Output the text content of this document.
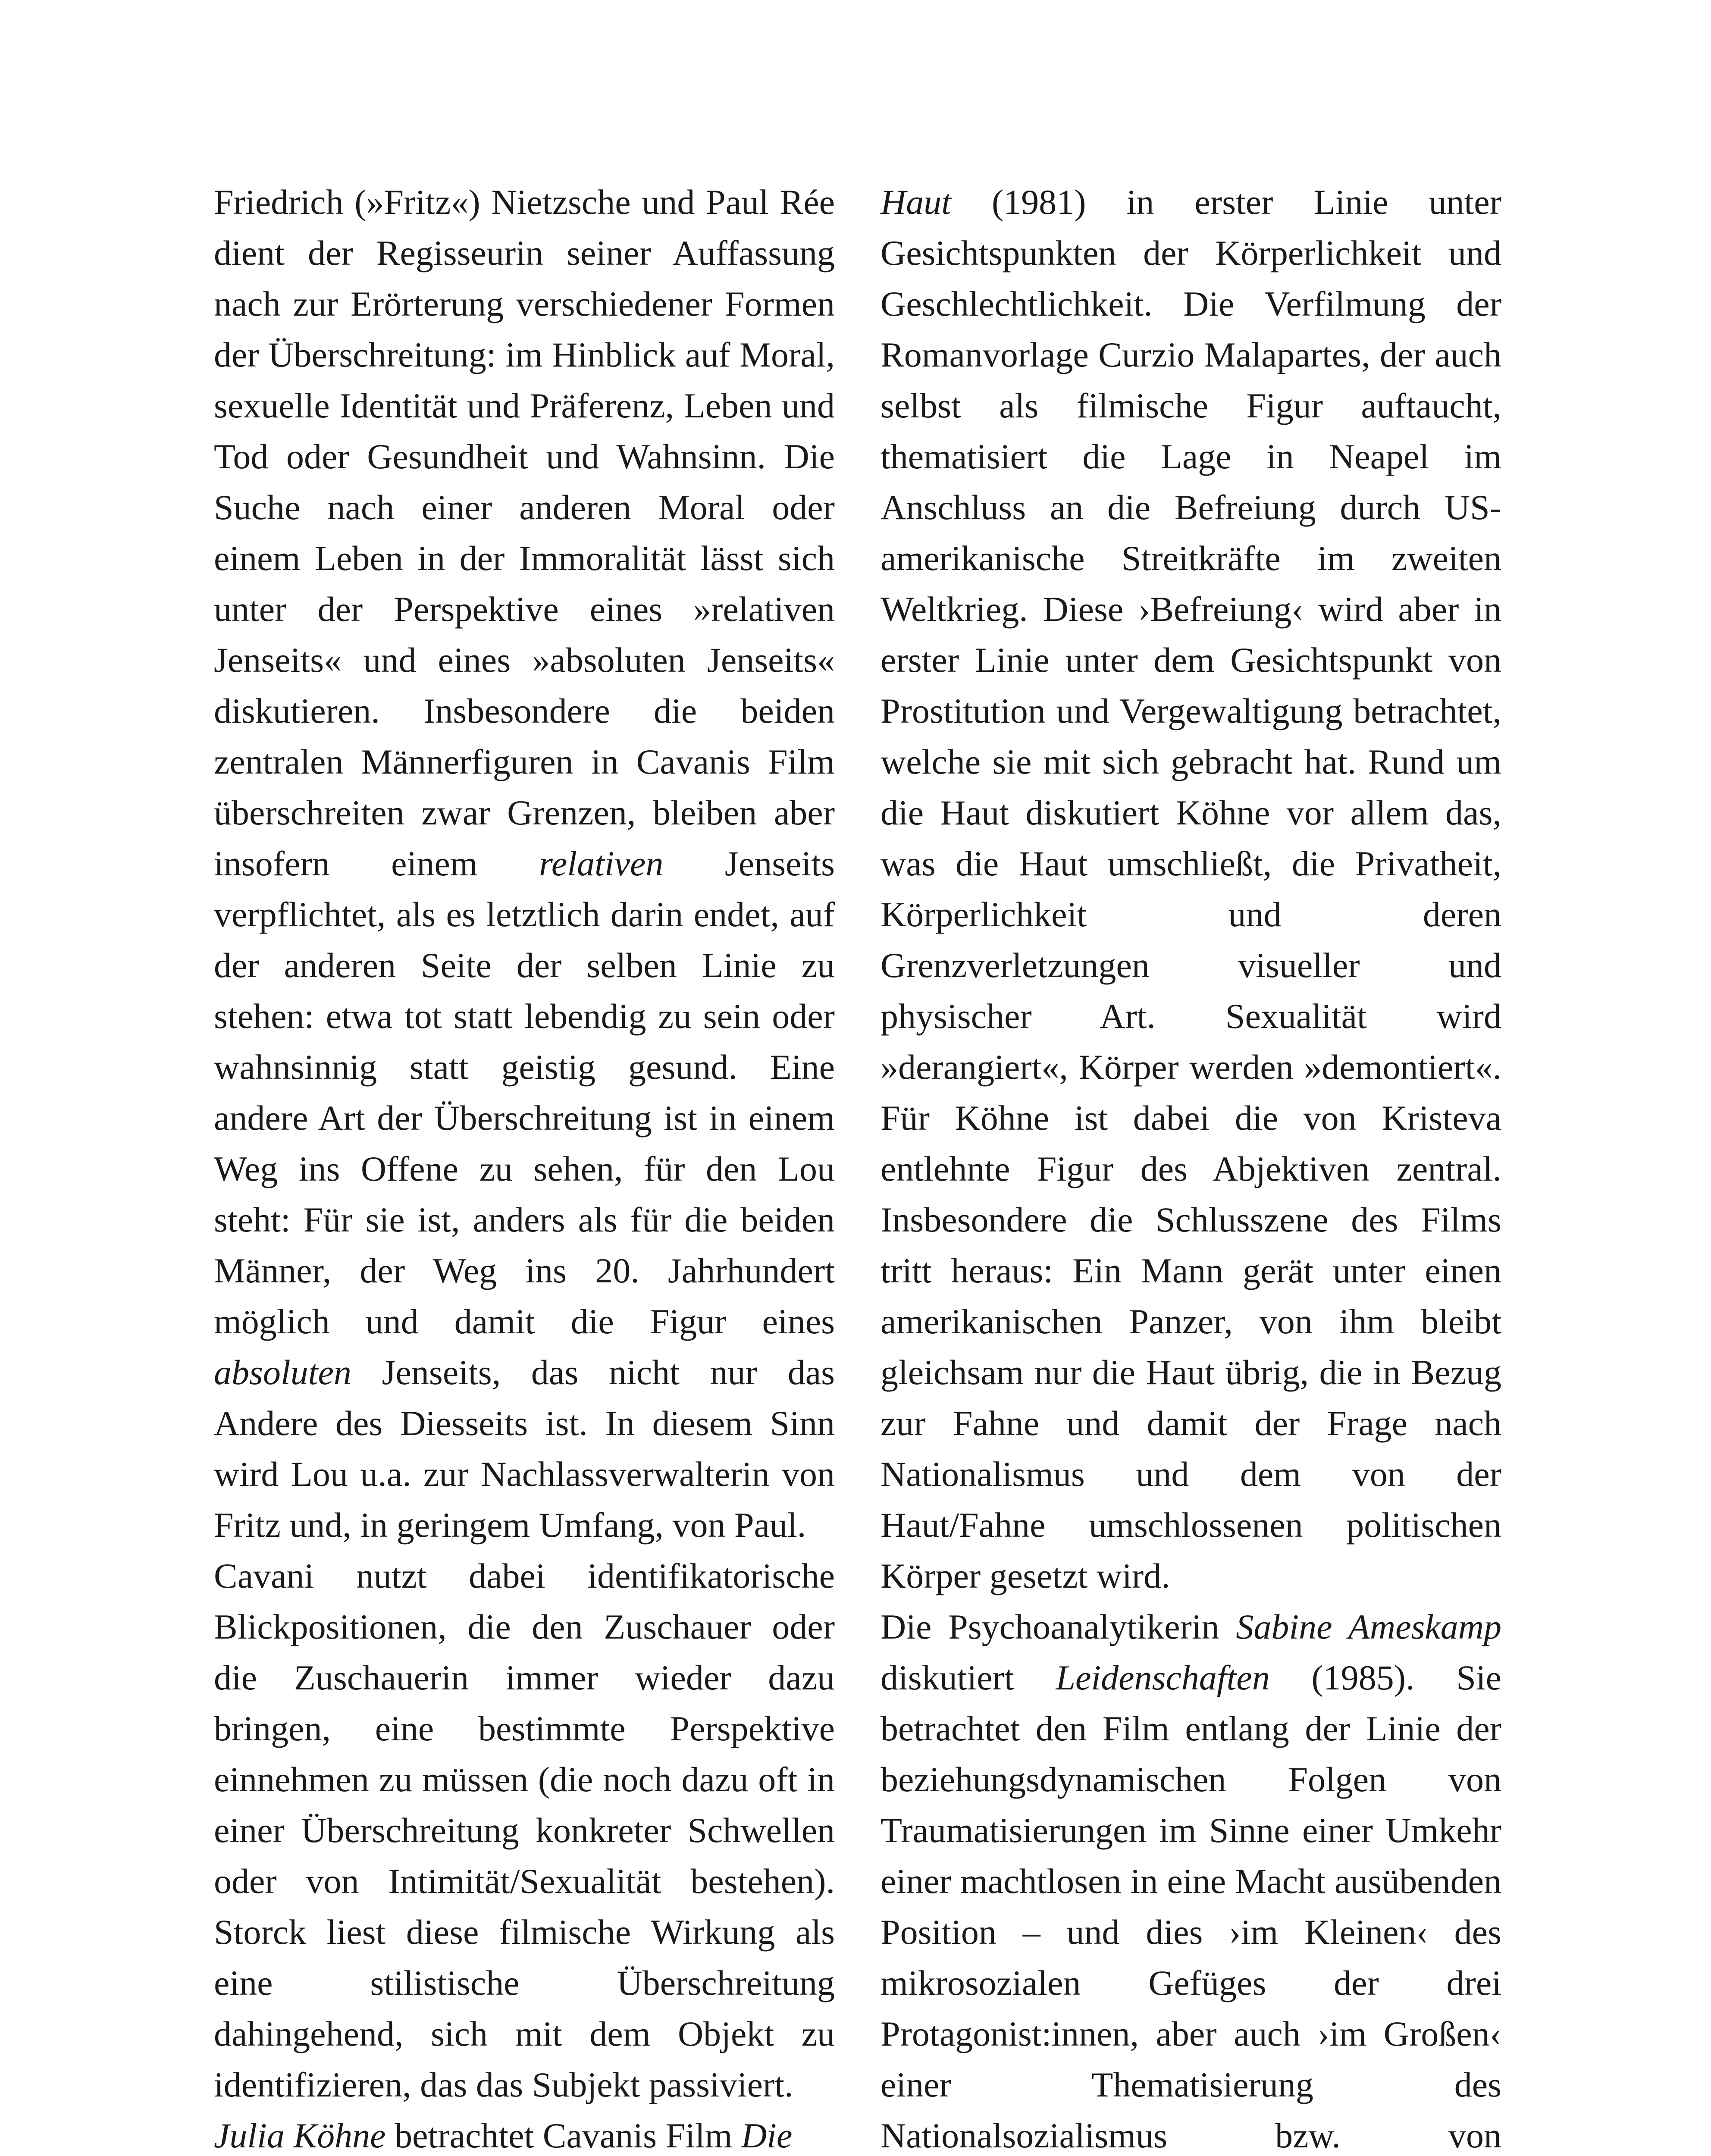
Friedrich (»Fritz«) Nietzsche und Paul Rée dient der Regisseurin seiner Auffassung nach zur Erörterung verschiedener Formen der Überschreitung: im Hinblick auf Moral, sexuelle Identität und Präferenz, Leben und Tod oder Gesundheit und Wahnsinn. Die Suche nach einer anderen Moral oder einem Leben in der Immoralität lässt sich unter der Perspektive eines »relativen Jenseits« und eines »absoluten Jenseits« diskutieren. Insbesondere die beiden zentralen Männerfiguren in Cavanis Film überschreiten zwar Grenzen, bleiben aber insofern einem relativen Jenseits verpflichtet, als es letztlich darin endet, auf der anderen Seite der selben Linie zu stehen: etwa tot statt lebendig zu sein oder wahnsinnig statt geistig gesund. Eine andere Art der Überschreitung ist in einem Weg ins Offene zu sehen, für den Lou steht: Für sie ist, anders als für die beiden Männer, der Weg ins 20. Jahrhundert möglich und damit die Figur eines absoluten Jenseits, das nicht nur das Andere des Diesseits ist. In diesem Sinn wird Lou u.a. zur Nachlassverwalterin von Fritz und, in geringem Umfang, von Paul.

Cavani nutzt dabei identifikatorische Blickpositionen, die den Zuschauer oder die Zuschauerin immer wieder dazu bringen, eine bestimmte Perspektive einnehmen zu müssen (die noch dazu oft in einer Überschreitung konkreter Schwellen oder von Intimität/Sexualität bestehen). Storck liest diese filmische Wirkung als eine stilistische Überschreitung dahingehend, sich mit dem Objekt zu identifizieren, das das Subjekt passiviert.

Julia Köhne betrachtet Cavanis Film Die

Haut (1981) in erster Linie unter Gesichtspunkten der Körperlichkeit und Geschlechtlichkeit. Die Verfilmung der Romanvorlage Curzio Malapartes, der auch selbst als filmische Figur auftaucht, thematisiert die Lage in Neapel im Anschluss an die Befreiung durch US-amerikanische Streitkräfte im zweiten Weltkrieg. Diese ›Befreiung‹ wird aber in erster Linie unter dem Gesichtspunkt von Prostitution und Vergewaltigung betrachtet, welche sie mit sich gebracht hat. Rund um die Haut diskutiert Köhne vor allem das, was die Haut umschließt, die Privatheit, Körperlichkeit und deren Grenzverletzungen visueller und physischer Art. Sexualität wird »derangiert«, Körper werden »demontiert«. Für Köhne ist dabei die von Kristeva entlehnte Figur des Abjektiven zentral. Insbesondere die Schlusszene des Films tritt heraus: Ein Mann gerät unter einen amerikanischen Panzer, von ihm bleibt gleichsam nur die Haut übrig, die in Bezug zur Fahne und damit der Frage nach Nationalismus und dem von der Haut/Fahne umschlossenen politischen Körper gesetzt wird.

Die Psychoanalytikerin Sabine Ameskamp diskutiert Leidenschaften (1985). Sie betrachtet den Film entlang der Linie der beziehungsdynamischen Folgen von Traumatisierungen im Sinne einer Umkehr einer machtlosen in eine Macht ausübenden Position – und dies ›im Kleinen‹ des mikrosozialen Gefüges der drei Protagonist:innen, aber auch ›im Großen‹ einer Thematisierung des Nationalsozialismus bzw. von
